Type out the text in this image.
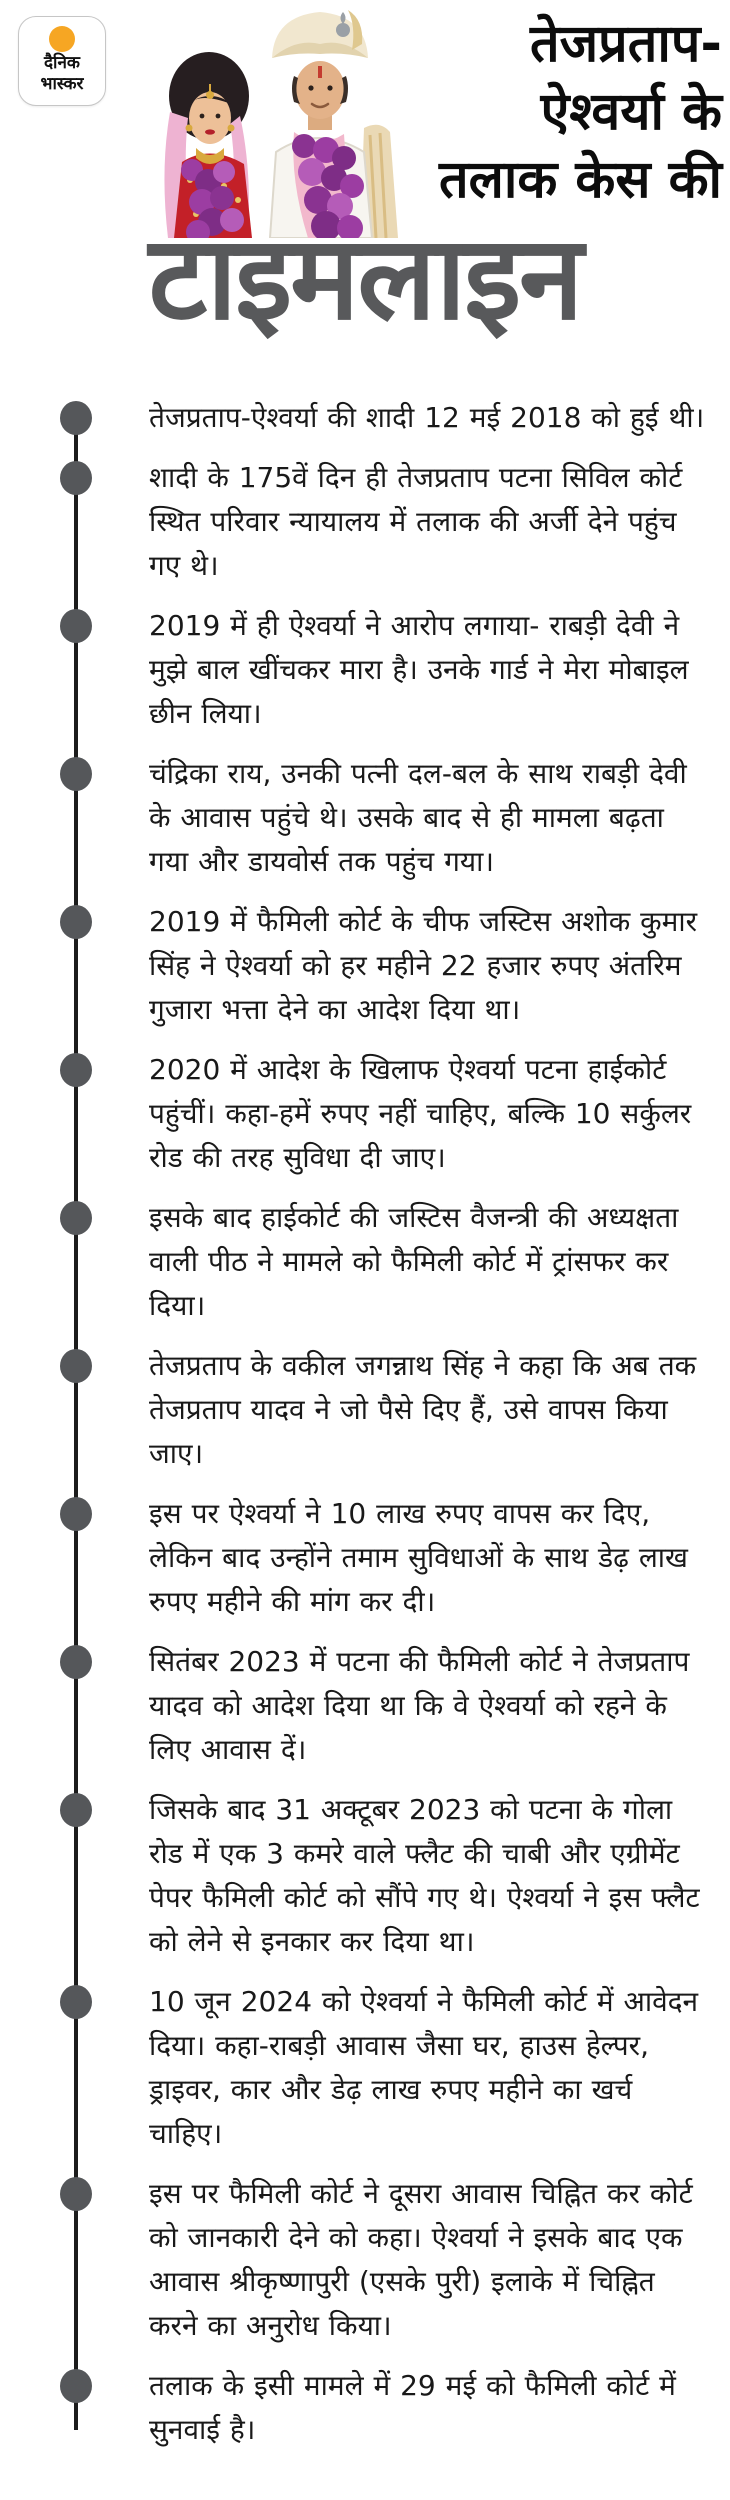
दैनिक
भास्कर
तेजप्रताप-
ऐश्वर्या के
तलाक केस की
टाइमलाइन

तेजप्रताप-ऐश्वर्या की शादी 12 मई 2018 को हुई थी।

शादी के 175वें दिन ही तेजप्रताप पटना सिविल कोर्ट स्थित परिवार न्यायालय में तलाक की अर्जी देने पहुंच गए थे।

2019 में ही ऐश्वर्या ने आरोप लगाया- राबड़ी देवी ने मुझे बाल खींचकर मारा है। उनके गार्ड ने मेरा मोबाइल छीन लिया।

चंद्रिका राय, उनकी पत्नी दल-बल के साथ राबड़ी देवी के आवास पहुंचे थे। उसके बाद से ही मामला बढ़ता गया और डायवोर्स तक पहुंच गया।

2019 में फैमिली कोर्ट के चीफ जस्टिस अशोक कुमार सिंह ने ऐश्वर्या को हर महीने 22 हजार रुपए अंतरिम गुजारा भत्ता देने का आदेश दिया था।

2020 में आदेश के खिलाफ ऐश्वर्या पटना हाईकोर्ट पहुंचीं। कहा-हमें रुपए नहीं चाहिए, बल्कि 10 सर्कुलर रोड की तरह सुविधा दी जाए।

इसके बाद हाईकोर्ट की जस्टिस वैजन्त्री की अध्यक्षता वाली पीठ ने मामले को फैमिली कोर्ट में ट्रांसफर कर दिया।

तेजप्रताप के वकील जगन्नाथ सिंह ने कहा कि अब तक तेजप्रताप यादव ने जो पैसे दिए हैं, उसे वापस किया जाए।

इस पर ऐश्वर्या ने 10 लाख रुपए वापस कर दिए, लेकिन बाद उन्होंने तमाम सुविधाओं के साथ डेढ़ लाख रुपए महीने की मांग कर दी।

सितंबर 2023 में पटना की फैमिली कोर्ट ने तेजप्रताप यादव को आदेश दिया था कि वे ऐश्वर्या को रहने के लिए आवास दें।

जिसके बाद 31 अक्टूबर 2023 को पटना के गोला रोड में एक 3 कमरे वाले फ्लैट की चाबी और एग्रीमेंट पेपर फैमिली कोर्ट को सौंपे गए थे। ऐश्वर्या ने इस फ्लैट को लेने से इनकार कर दिया था।

10 जून 2024 को ऐश्वर्या ने फैमिली कोर्ट में आवेदन दिया। कहा-राबड़ी आवास जैसा घर, हाउस हेल्पर, ड्राइवर, कार और डेढ़ लाख रुपए महीने का खर्च चाहिए।

इस पर फैमिली कोर्ट ने दूसरा आवास चिह्नित कर कोर्ट को जानकारी देने को कहा। ऐश्वर्या ने इसके बाद एक आवास श्रीकृष्णापुरी (एसके पुरी) इलाके में चिह्नित करने का अनुरोध किया।

तलाक के इसी मामले में 29 मई को फैमिली कोर्ट में सुनवाई है।
